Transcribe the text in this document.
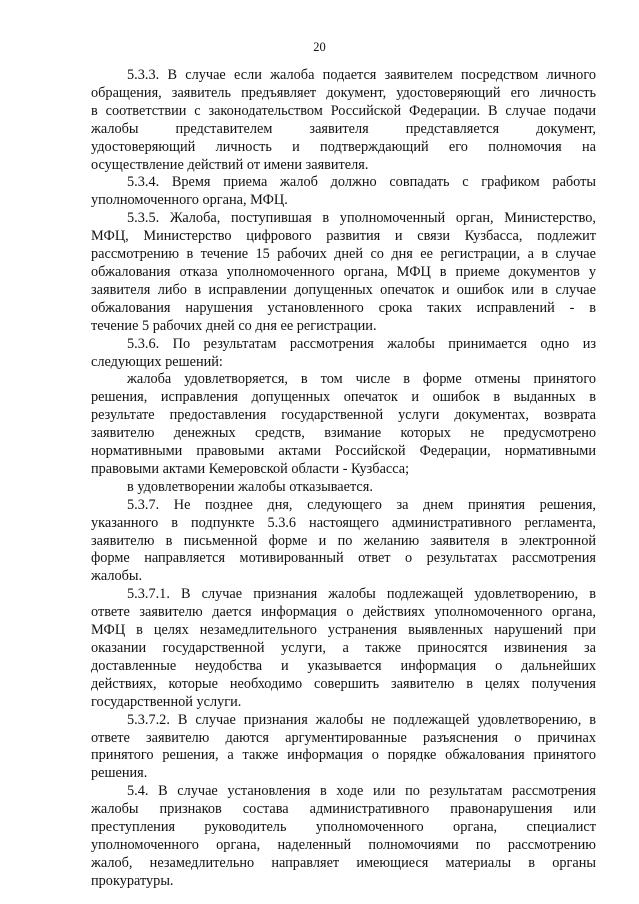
20
5.3.3. В случае если жалоба подается заявителем посредством личного
обращения, заявитель предъявляет документ, удостоверяющий его личность
в соответствии с законодательством Российской Федерации. В случае подачи
жалобы представителем заявителя представляется документ,
удостоверяющий личность и подтверждающий его полномочия на
осуществление действий от имени заявителя.
5.3.4. Время приема жалоб должно совпадать с графиком работы
уполномоченного органа, МФЦ.
5.3.5. Жалоба, поступившая в уполномоченный орган, Министерство,
МФЦ, Министерство цифрового развития и связи Кузбасса, подлежит
рассмотрению в течение 15 рабочих дней со дня ее регистрации, а в случае
обжалования отказа уполномоченного органа, МФЦ в приеме документов у
заявителя либо в исправлении допущенных опечаток и ошибок или в случае
обжалования нарушения установленного срока таких исправлений - в
течение 5 рабочих дней со дня ее регистрации.
5.3.6. По результатам рассмотрения жалобы принимается одно из
следующих решений:
жалоба удовлетворяется, в том числе в форме отмены принятого
решения, исправления допущенных опечаток и ошибок в выданных в
результате предоставления государственной услуги документах, возврата
заявителю денежных средств, взимание которых не предусмотрено
нормативными правовыми актами Российской Федерации, нормативными
правовыми актами Кемеровской области - Кузбасса;
в удовлетворении жалобы отказывается.
5.3.7. Не позднее дня, следующего за днем принятия решения,
указанного в подпункте 5.3.6 настоящего административного регламента,
заявителю в письменной форме и по желанию заявителя в электронной
форме направляется мотивированный ответ о результатах рассмотрения
жалобы.
5.3.7.1. В случае признания жалобы подлежащей удовлетворению, в
ответе заявителю дается информация о действиях уполномоченного органа,
МФЦ в целях незамедлительного устранения выявленных нарушений при
оказании государственной услуги, а также приносятся извинения за
доставленные неудобства и указывается информация о дальнейших
действиях, которые необходимо совершить заявителю в целях получения
государственной услуги.
5.3.7.2. В случае признания жалобы не подлежащей удовлетворению, в
ответе заявителю даются аргументированные разъяснения о причинах
принятого решения, а также информация о порядке обжалования принятого
решения.
5.4. В случае установления в ходе или по результатам рассмотрения
жалобы признаков состава административного правонарушения или
преступления руководитель уполномоченного органа, специалист
уполномоченного органа, наделенный полномочиями по рассмотрению
жалоб, незамедлительно направляет имеющиеся материалы в органы
прокуратуры.
